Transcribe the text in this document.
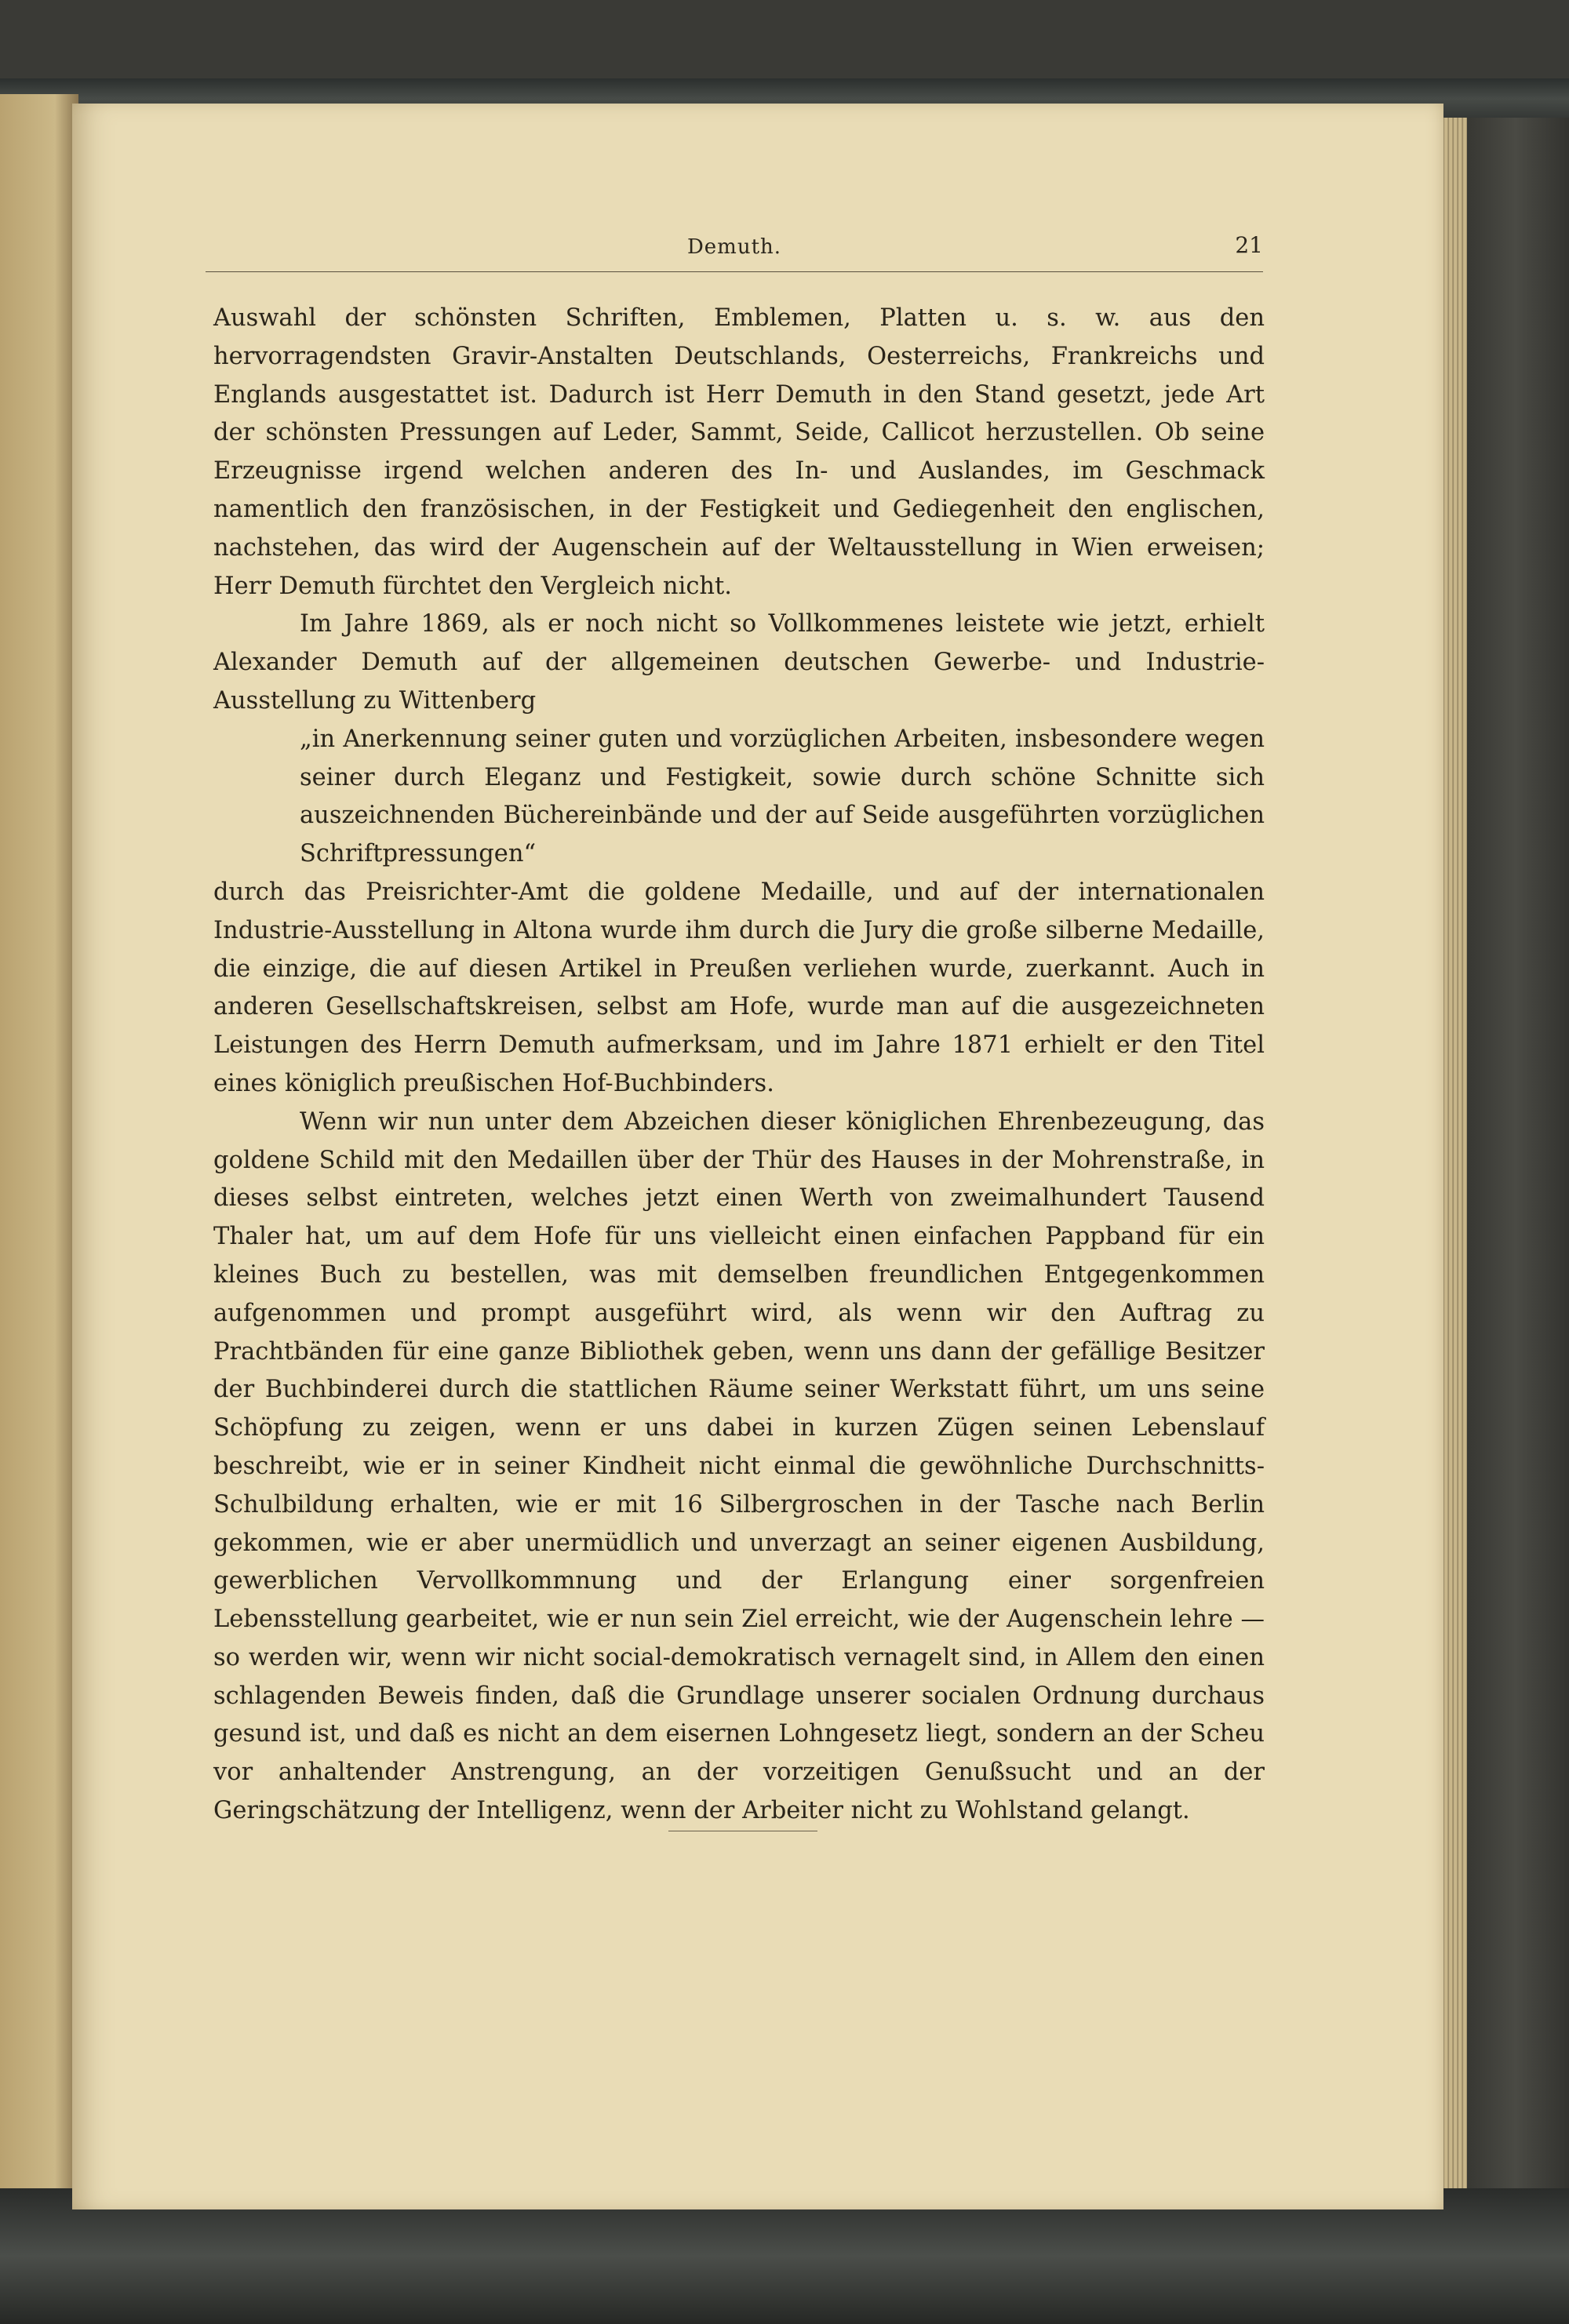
Demuth.	21

Auswahl der schönsten Schriften, Emblemen, Platten u. s. w. aus den hervorragendsten Gravir-Anstalten Deutschlands, Oesterreichs, Frankreichs und Englands ausgestattet ist. Dadurch ist Herr Demuth in den Stand gesetzt, jede Art der schönsten Pressungen auf Leder, Sammt, Seide, Callicot herzustellen. Ob seine Erzeugnisse irgend welchen anderen des In- und Auslandes, im Geschmack namentlich den französischen, in der Festigkeit und Gediegenheit den englischen, nachstehen, das wird der Augenschein auf der Weltausstellung in Wien erweisen; Herr Demuth fürchtet den Vergleich nicht.

Im Jahre 1869, als er noch nicht so Vollkommenes leistete wie jetzt, erhielt Alexander Demuth auf der allgemeinen deutschen Gewerbe- und Industrie-Ausstellung zu Wittenberg

„in Anerkennung seiner guten und vorzüglichen Arbeiten, insbesondere wegen seiner durch Eleganz und Festigkeit, sowie durch schöne Schnitte sich auszeichnenden Büchereinbände und der auf Seide ausgeführten vorzüglichen Schriftpressungen“

durch das Preisrichter-Amt die goldene Medaille, und auf der internationalen Industrie-Ausstellung in Altona wurde ihm durch die Jury die große silberne Medaille, die einzige, die auf diesen Artikel in Preußen verliehen wurde, zuerkannt. Auch in anderen Gesellschaftskreisen, selbst am Hofe, wurde man auf die ausgezeichneten Leistungen des Herrn Demuth aufmerksam, und im Jahre 1871 erhielt er den Titel eines königlich preußischen Hof-Buchbinders.

Wenn wir nun unter dem Abzeichen dieser königlichen Ehrenbezeugung, das goldene Schild mit den Medaillen über der Thür des Hauses in der Mohrenstraße, in dieses selbst eintreten, welches jetzt einen Werth von zweimalhundert Tausend Thaler hat, um auf dem Hofe für uns vielleicht einen einfachen Pappband für ein kleines Buch zu bestellen, was mit demselben freundlichen Entgegenkommen aufgenommen und prompt ausgeführt wird, als wenn wir den Auftrag zu Prachtbänden für eine ganze Bibliothek geben, wenn uns dann der gefällige Besitzer der Buchbinderei durch die stattlichen Räume seiner Werkstatt führt, um uns seine Schöpfung zu zeigen, wenn er uns dabei in kurzen Zügen seinen Lebenslauf beschreibt, wie er in seiner Kindheit nicht einmal die gewöhnliche Durchschnitts-Schulbildung erhalten, wie er mit 16 Silbergroschen in der Tasche nach Berlin gekommen, wie er aber unermüdlich und unverzagt an seiner eigenen Ausbildung, gewerblichen Vervollkommnung und der Erlangung einer sorgenfreien Lebensstellung gearbeitet, wie er nun sein Ziel erreicht, wie der Augenschein lehre — so werden wir, wenn wir nicht social-demokratisch vernagelt sind, in Allem den einen schlagenden Beweis finden, daß die Grundlage unserer socialen Ordnung durchaus gesund ist, und daß es nicht an dem eisernen Lohngesetz liegt, sondern an der Scheu vor anhaltender Anstrengung, an der vorzeitigen Genußsucht und an der Geringschätzung der Intelligenz, wenn der Arbeiter nicht zu Wohlstand gelangt.
